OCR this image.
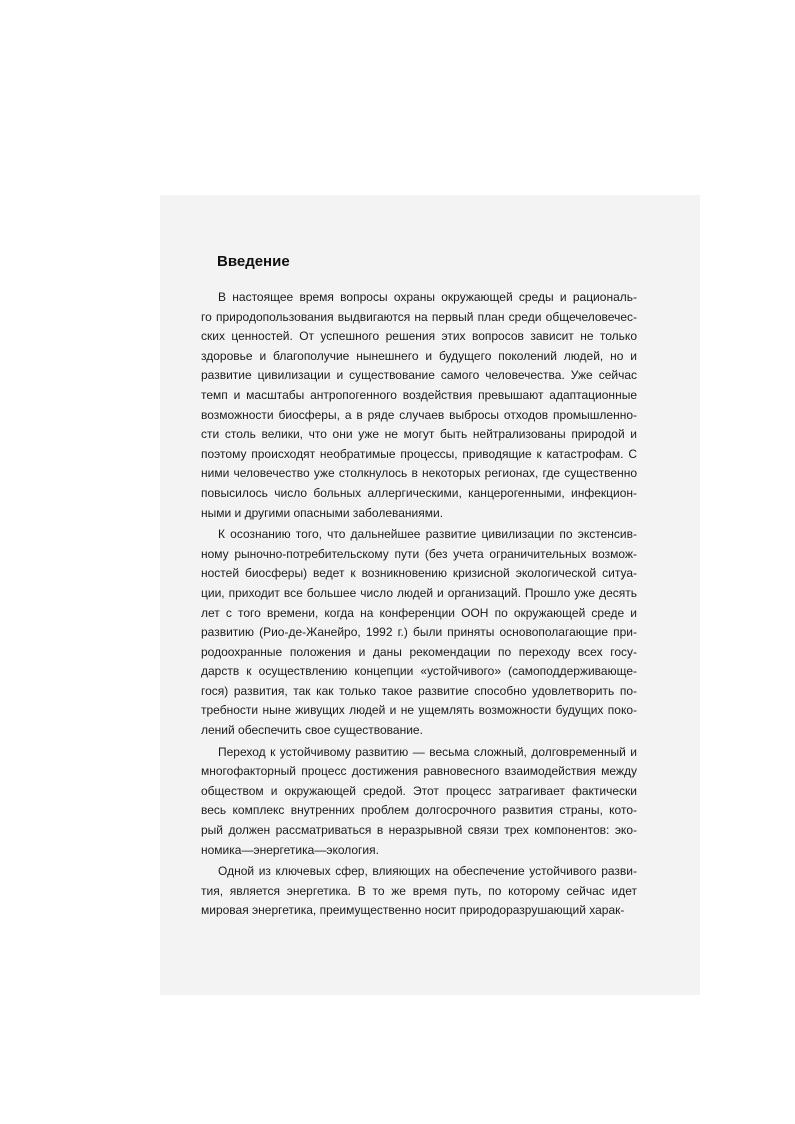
Введение
В настоящее время вопросы охраны окружающей среды и рациональ-
го природопользования выдвигаются на первый план среди общечеловечес-
ских ценностей. От успешного решения этих вопросов зависит не только
здоровье и благополучие нынешнего и будущего поколений людей, но и
развитие цивилизации и существование самого человечества. Уже сейчас
темп и масштабы антропогенного воздействия превышают адаптационные
возможности биосферы, а в ряде случаев выбросы отходов промышленно-
сти столь велики, что они уже не могут быть нейтрализованы природой и
поэтому происходят необратимые процессы, приводящие к катастрофам. С
ними человечество уже столкнулось в некоторых регионах, где существенно
повысилось число больных аллергическими, канцерогенными, инфекцион-
ными и другими опасными заболеваниями.
К осознанию того, что дальнейшее развитие цивилизации по экстенсив-
ному рыночно-потребительскому пути (без учета ограничительных возмож-
ностей биосферы) ведет к возникновению кризисной экологической ситуа-
ции, приходит все большее число людей и организаций. Прошло уже десять
лет с того времени, когда на конференции ООН по окружающей среде и
развитию (Рио-де-Жанейро, 1992 г.) были приняты основополагающие при-
родоохранные положения и даны рекомендации по переходу всех госу-
дарств к осуществлению концепции «устойчивого» (самоподдерживающе-
гося) развития, так как только такое развитие способно удовлетворить по-
требности ныне живущих людей и не ущемлять возможности будущих поко-
лений обеспечить свое существование.
Переход к устойчивому развитию — весьма сложный, долговременный и
многофакторный процесс достижения равновесного взаимодействия между
обществом и окружающей средой. Этот процесс затрагивает фактически
весь комплекс внутренних проблем долгосрочного развития страны, кото-
рый должен рассматриваться в неразрывной связи трех компонентов: эко-
номика—энергетика—экология.
Одной из ключевых сфер, влияющих на обеспечение устойчивого разви-
тия, является энергетика. В то же время путь, по которому сейчас идет
мировая энергетика, преимущественно носит природоразрушающий харак-
